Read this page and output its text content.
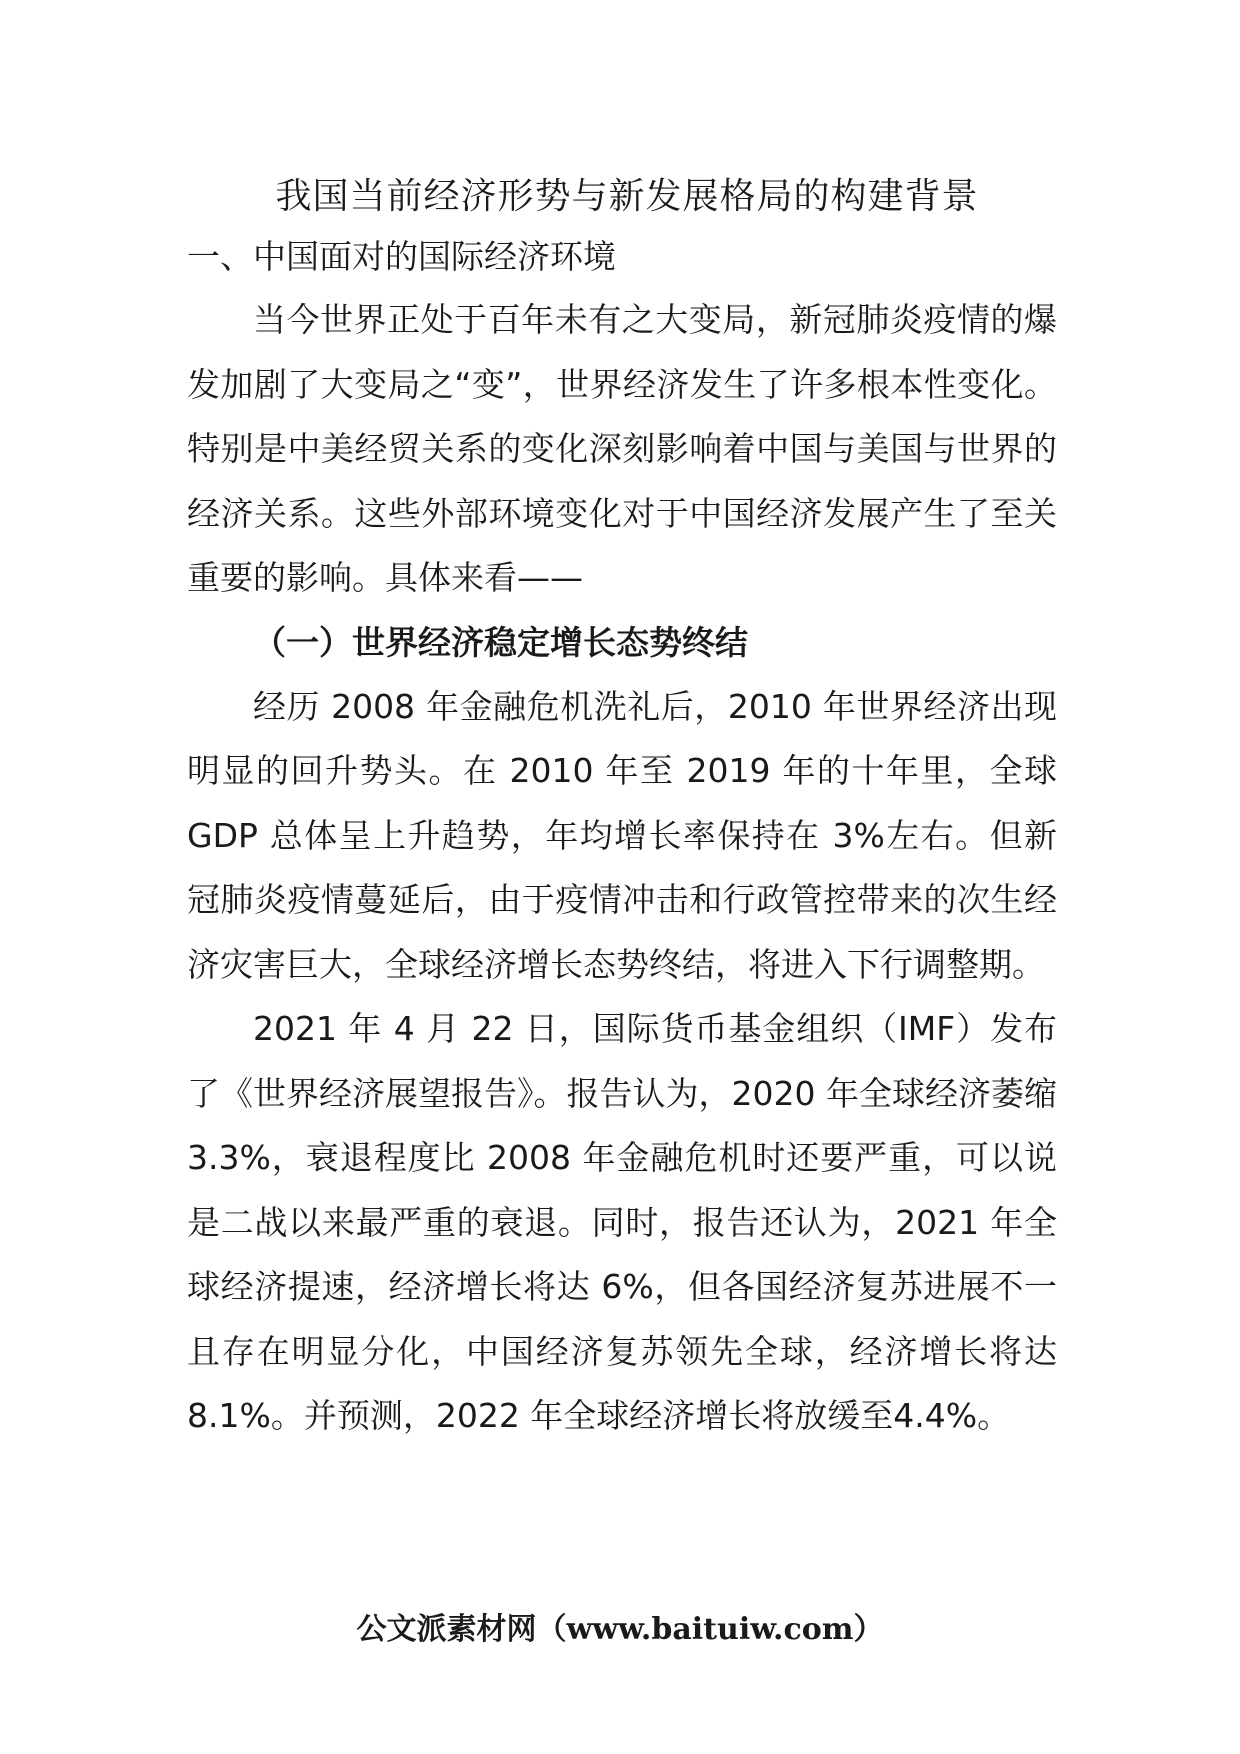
我国当前经济形势与新发展格局的构建背景
一、中国面对的国际经济环境

当今世界正处于百年未有之大变局，新冠肺炎疫情的爆发加剧了大变局之“变”，世界经济发生了许多根本性变化。特别是中美经贸关系的变化深刻影响着中国与美国与世界的经济关系。这些外部环境变化对于中国经济发展产生了至关重要的影响。具体来看——

（一）世界经济稳定增长态势终结

经历 2008 年金融危机洗礼后，2010 年世界经济出现明显的回升势头。在 2010 年至 2019 年的十年里，全球 GDP 总体呈上升趋势，年均增长率保持在 3%左右。但新冠肺炎疫情蔓延后，由于疫情冲击和行政管控带来的次生经济灾害巨大，全球经济增长态势终结，将进入下行调整期。

2021 年 4 月 22 日，国际货币基金组织（IMF）发布了《世界经济展望报告》。报告认为，2020 年全球经济萎缩 3.3%，衰退程度比 2008 年金融危机时还要严重，可以说是二战以来最严重的衰退。同时，报告还认为，2021 年全球经济提速，经济增长将达 6%，但各国经济复苏进展不一且存在明显分化，中国经济复苏领先全球，经济增长将达 8.1%。并预测，2022 年全球经济增长将放缓至4.4%。

公文派素材网（www.baituiw.com）
